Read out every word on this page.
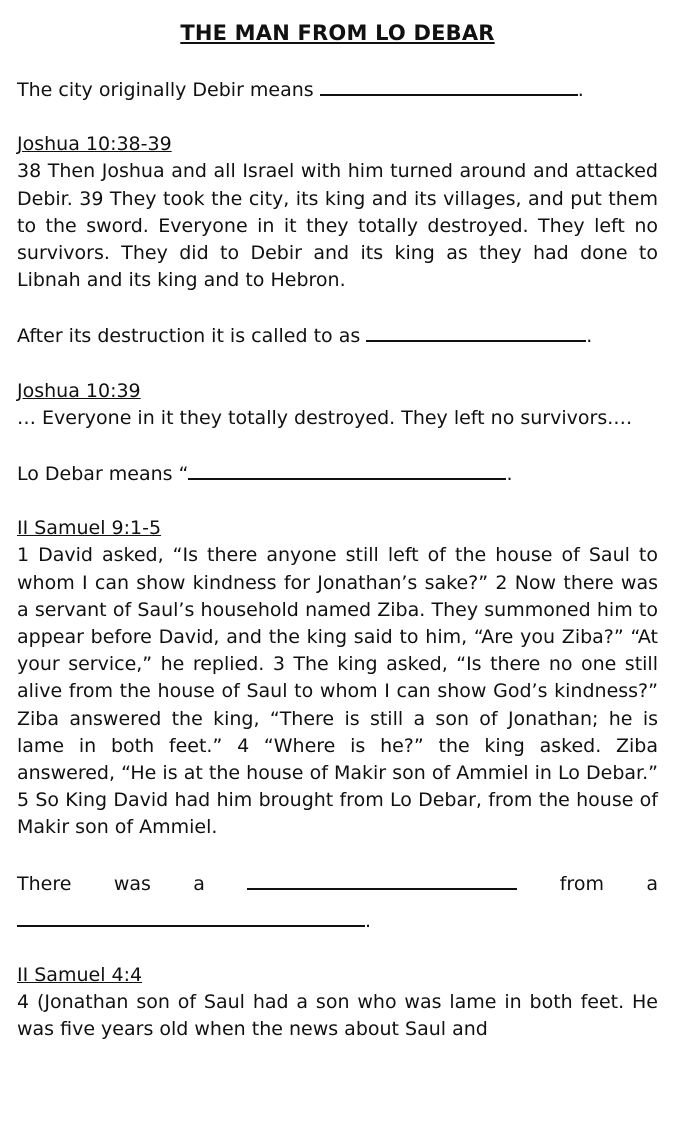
THE MAN FROM LO DEBAR

The city originally Debir means	.

Joshua 10:38-39
38 Then Joshua and all Israel with him turned around and attacked Debir. 39 They took the city, its king and its villages, and put them to the sword. Everyone in it they totally destroyed. They left no survivors. They did to Debir and its king as they had done to Libnah and its king and to Hebron.

After its destruction it is called to as	.

Joshua 10:39
… Everyone in it they totally destroyed. They left no survivors.…

Lo Debar means “	.

II Samuel 9:1-5
1 David asked, “Is there anyone still left of the house of Saul to whom I can show kindness for Jonathan’s sake?” 2 Now there was a servant of Saul’s household named Ziba. They summoned him to appear before David, and the king said to him, “Are you Ziba?” “At your service,” he replied. 3 The king asked, “Is there no one still alive from the house of Saul to whom I can show God’s kindness?” Ziba answered the king, “There is still a son of Jonathan; he is lame in both feet.” 4 “Where is he?” the king asked. Ziba answered, “He is at the house of Makir son of Ammiel in Lo Debar.” 5 So King David had him brought from Lo Debar, from the house of Makir son of Ammiel.
There was a	from a

.

II Samuel 4:4
4 (Jonathan son of Saul had a son who was lame in both feet. He was five years old when the news about Saul and
